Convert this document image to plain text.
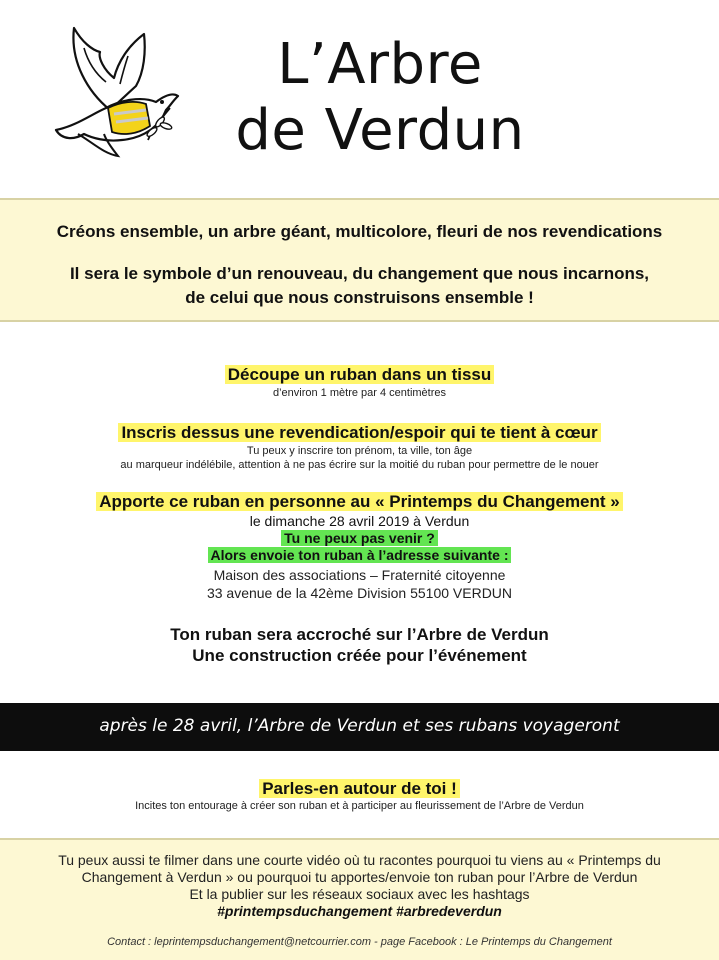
L’Arbre
de Verdun
Créons ensemble, un arbre géant, multicolore, fleuri de nos revendications
Il sera le symbole d’un renouveau, du changement que nous incarnons,
de celui que nous construisons ensemble !
Découpe un ruban dans un tissu
d’environ 1 mètre par 4 centimètres
Inscris dessus une revendication/espoir qui te tient à cœur
Tu peux y inscrire ton prénom, ta ville, ton âge
au marqueur indélébile, attention à ne pas écrire sur la moitié du ruban pour permettre de le nouer
Apporte ce ruban en personne au « Printemps du Changement »
le dimanche 28 avril 2019 à Verdun
Tu ne peux pas venir ?
Alors envoie ton ruban à l’adresse suivante :
Maison des associations – Fraternité citoyenne
33 avenue de la 42ème Division 55100 VERDUN
Ton ruban sera accroché sur l’Arbre de Verdun
Une construction créée pour l’événement
après le 28 avril, l’Arbre de Verdun et ses rubans voyageront
Parles-en autour de toi !
Incites ton entourage à créer son ruban et à participer au fleurissement de l’Arbre de Verdun
Tu peux aussi te filmer dans une courte vidéo où tu racontes pourquoi tu viens au « Printemps du
Changement à Verdun » ou pourquoi tu apportes/envoie ton ruban pour l’Arbre de Verdun
Et la publier sur les réseaux sociaux avec les hashtags
#printempsduchangement #arbredeverdun
Contact : leprintempsduchangement@netcourrier.com - page Facebook : Le Printemps du Changement
